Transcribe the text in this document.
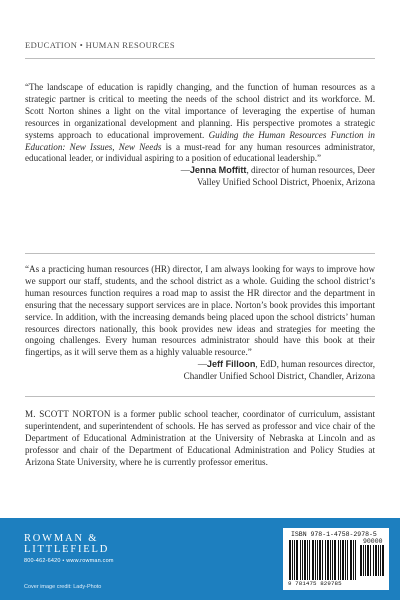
EDUCATION • HUMAN RESOURCES

“The landscape of education is rapidly changing, and the function of human resources as a strategic partner is critical to meeting the needs of the school district and its workforce. M. Scott Norton shines a light on the vital importance of leveraging the expertise of human resources in organizational development and planning. His perspective promotes a strategic systems approach to educational improvement. Guiding the Human Resources Function in Education: New Issues, New Needs is a must-read for any human resources administrator, educational leader, or individual aspiring to a position of educational leadership.”

—Jenna Moffitt, director of human resources, Deer

Valley Unified School District, Phoenix, Arizona

“As a practicing human resources (HR) director, I am always looking for ways to improve how we support our staff, students, and the school district as a whole. Guiding the school district’s human resources function requires a road map to assist the HR director and the department in ensuring that the necessary support services are in place. Norton’s book provides this important service. In addition, with the increasing demands being placed upon the school districts’ human resources directors nationally, this book provides new ideas and strategies for meeting the ongoing challenges. Every human resources administrator should have this book at their fingertips, as it will serve them as a highly valuable resource.”

—Jeff Filloon, EdD, human resources director,

Chandler Unified School District, Chandler, Arizona

M. SCOTT NORTON is a former public school teacher, coordinator of curriculum, assistant superintendent, and superintendent of schools. He has served as professor and vice chair of the Department of Educational Administration at the University of Nebraska at Lincoln and as professor and chair of the Department of Educational Administration and Policy Studies at Arizona State University, where he is currently professor emeritus.
ROWMAN &
LITTLEFIELD
800-462-6420 • www.rowman.com
Cover image credit: Lady-Photo
ISBN 978-1-4758-2978-5
90000
9 781475 829785
